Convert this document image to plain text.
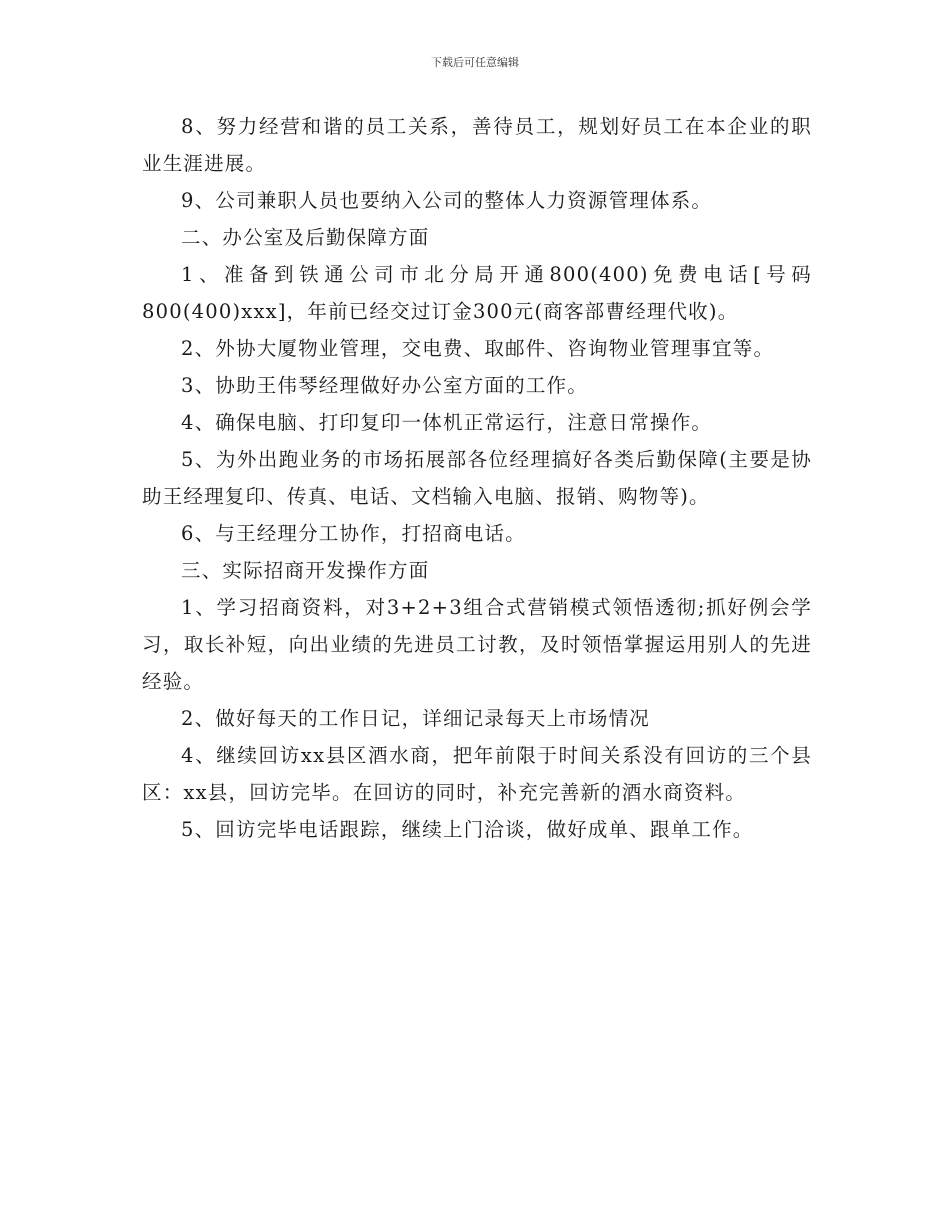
下载后可任意编辑

8、努力经营和谐的员工关系，善待员工，规划好员工在本企业的职业生涯进展。

9、公司兼职人员也要纳入公司的整体人力资源管理体系。

二、办公室及后勤保障方面

1、准备到铁通公司市北分局开通800(400)免费电话[号码800(400)xxx]，年前已经交过订金300元(商客部曹经理代收)。

2、外协大厦物业管理，交电费、取邮件、咨询物业管理事宜等。

3、协助王伟琴经理做好办公室方面的工作。

4、确保电脑、打印复印一体机正常运行，注意日常操作。

5、为外出跑业务的市场拓展部各位经理搞好各类后勤保障(主要是协助王经理复印、传真、电话、文档输入电脑、报销、购物等)。

6、与王经理分工协作，打招商电话。

三、实际招商开发操作方面

1、学习招商资料，对3+2+3组合式营销模式领悟透彻;抓好例会学习，取长补短，向出业绩的先进员工讨教，及时领悟掌握运用别人的先进经验。

2、做好每天的工作日记，详细记录每天上市场情况

4、继续回访xx县区酒水商，把年前限于时间关系没有回访的三个县区：xx县，回访完毕。在回访的同时，补充完善新的酒水商资料。

5、回访完毕电话跟踪，继续上门洽谈，做好成单、跟单工作。
